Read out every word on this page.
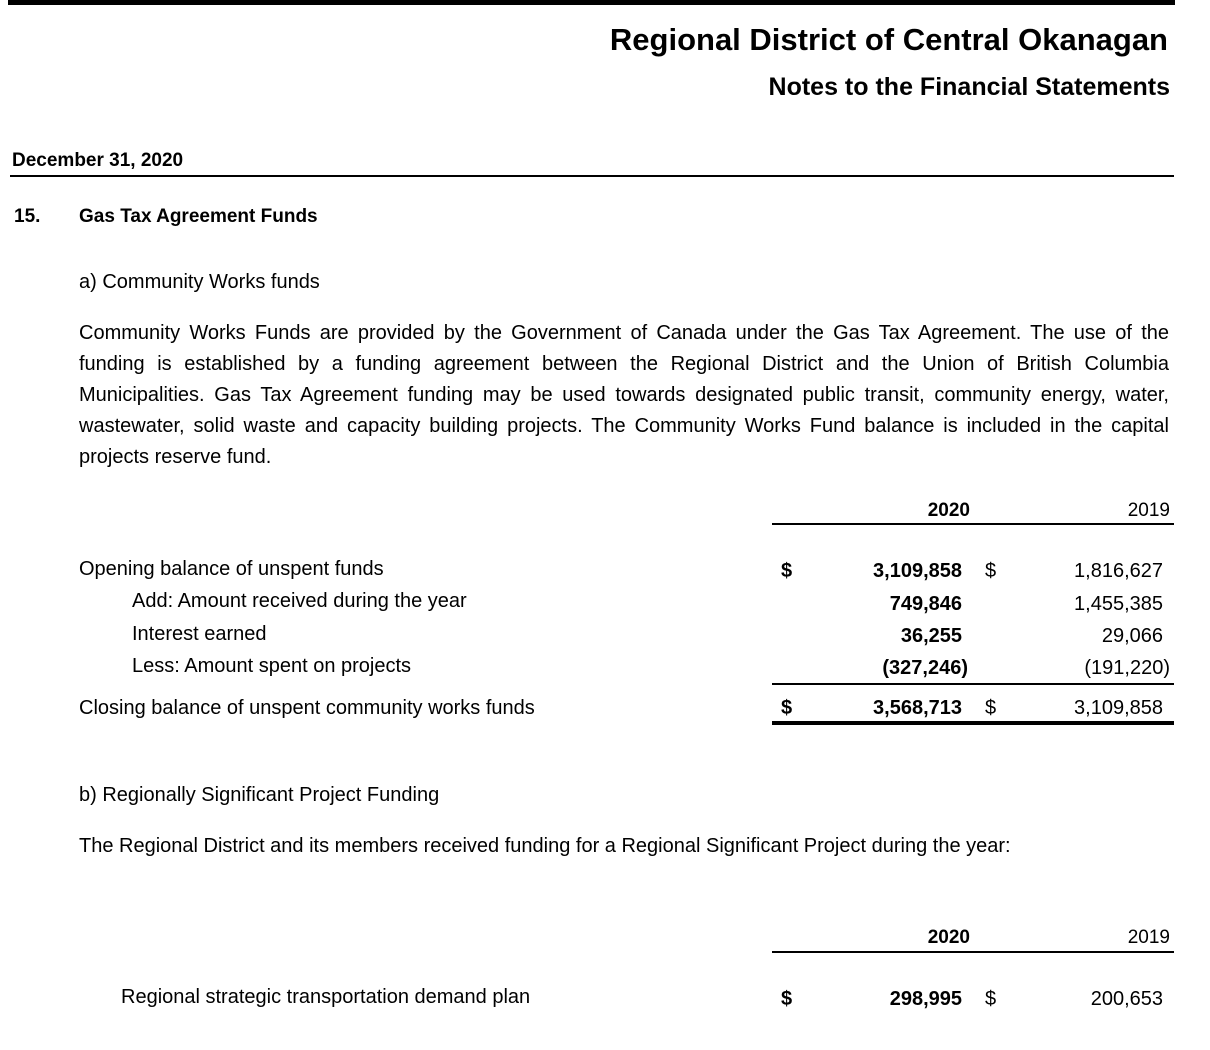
Regional District of Central Okanagan
Notes to the Financial Statements
December 31, 2020
15. Gas Tax Agreement Funds
a) Community Works funds
Community Works Funds are provided by the Government of Canada under the Gas Tax Agreement. The use of the funding is established by a funding agreement between the Regional District and the Union of British Columbia Municipalities. Gas Tax Agreement funding may be used towards designated public transit, community energy, water, wastewater, solid waste and capacity building projects. The Community Works Fund balance is included in the capital projects reserve fund.
2020	2019
Opening balance of unspent funds	$	3,109,858 $	1,816,627
Add: Amount received during the year	749,846	1,455,385
Interest earned	36,255	29,066
Less: Amount spent on projects	(327,246)	(191,220)
Closing balance of unspent community works funds	$	3,568,713 $	3,109,858
b) Regionally Significant Project Funding
The Regional District and its members received funding for a Regional Significant Project during the year:
2020	2019
Regional strategic transportation demand plan	$	298,995 $	200,653
